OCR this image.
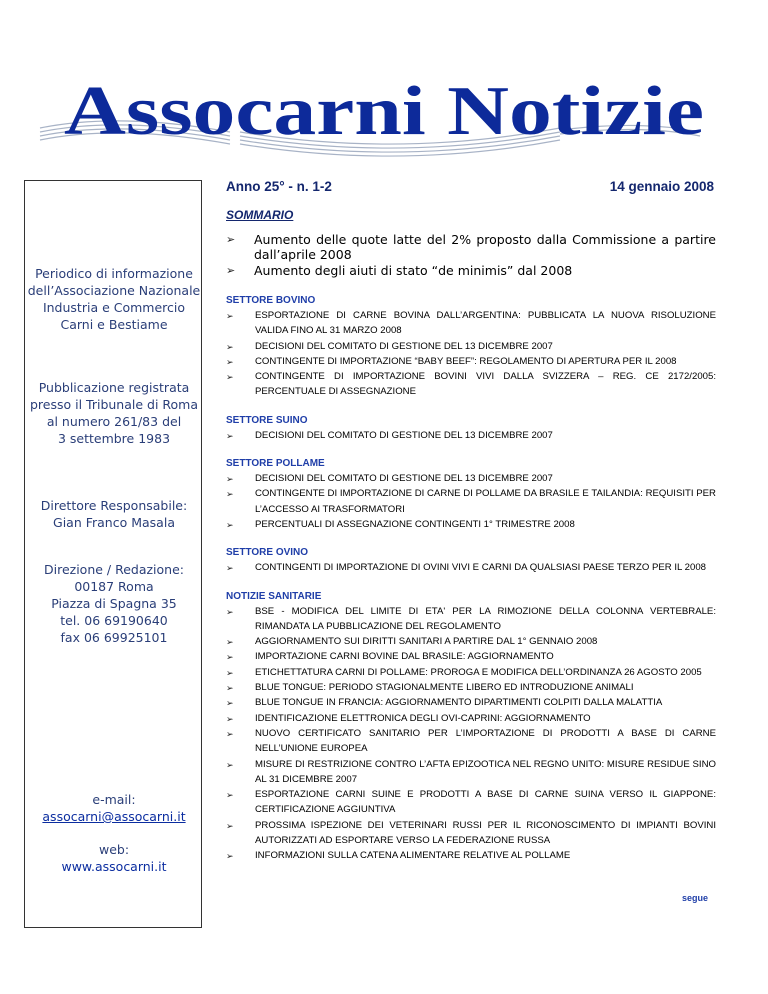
Assocarni Notizie
Periodico di informazione
dell’Associazione Nazionale
Industria e Commercio
Carni e Bestiame
Pubblicazione registrata
presso il Tribunale di Roma
al numero 261/83 del
3 settembre 1983
Direttore Responsabile:
Gian Franco Masala
Direzione / Redazione:
00187 Roma
Piazza di Spagna 35
tel. 06 69190640
fax 06 69925101
e-mail:
assocarni@assocarni.it
web:
www.assocarni.it
Anno 25° - n. 1-2	14 gennaio 2008
SOMMARIO
➢ Aumento delle quote latte del 2% proposto dalla Commissione a partire dall’aprile 2008
➢ Aumento degli aiuti di stato “de minimis” dal 2008
SETTORE BOVINO
➢ ESPORTAZIONE DI CARNE BOVINA DALL’ARGENTINA: PUBBLICATA LA NUOVA RISOLUZIONE VALIDA FINO AL 31 MARZO 2008
➢ DECISIONI DEL COMITATO DI GESTIONE DEL 13 DICEMBRE 2007
➢ CONTINGENTE DI IMPORTAZIONE “BABY BEEF”: REGOLAMENTO DI APERTURA PER IL 2008
➢ CONTINGENTE DI IMPORTAZIONE BOVINI VIVI DALLA SVIZZERA – REG. CE 2172/2005: PERCENTUALE DI ASSEGNAZIONE
SETTORE SUINO
➢ DECISIONI DEL COMITATO DI GESTIONE DEL 13 DICEMBRE 2007
SETTORE POLLAME
➢ DECISIONI DEL COMITATO DI GESTIONE DEL 13 DICEMBRE 2007
➢ CONTINGENTE DI IMPORTAZIONE DI CARNE DI POLLAME DA BRASILE E TAILANDIA: REQUISITI PER L’ACCESSO AI TRASFORMATORI
➢ PERCENTUALI DI ASSEGNAZIONE CONTINGENTI 1° TRIMESTRE 2008
SETTORE OVINO
➢ CONTINGENTI DI IMPORTAZIONE DI OVINI VIVI E CARNI DA QUALSIASI PAESE TERZO PER IL 2008
NOTIZIE SANITARIE
➢ BSE - MODIFICA DEL LIMITE DI ETA' PER LA RIMOZIONE DELLA COLONNA VERTEBRALE: RIMANDATA LA PUBBLICAZIONE DEL REGOLAMENTO
➢ AGGIORNAMENTO SUI DIRITTI SANITARI A PARTIRE DAL 1° GENNAIO 2008
➢ IMPORTAZIONE CARNI BOVINE DAL BRASILE: AGGIORNAMENTO
➢ ETICHETTATURA CARNI DI POLLAME: PROROGA E MODIFICA DELL’ORDINANZA 26 AGOSTO 2005
➢ BLUE TONGUE: PERIODO STAGIONALMENTE LIBERO ED INTRODUZIONE ANIMALI
➢ BLUE TONGUE IN FRANCIA: AGGIORNAMENTO DIPARTIMENTI COLPITI DALLA MALATTIA
➢ IDENTIFICAZIONE ELETTRONICA DEGLI OVI-CAPRINI: AGGIORNAMENTO
➢ NUOVO CERTIFICATO SANITARIO PER L’IMPORTAZIONE DI PRODOTTI A BASE DI CARNE NELL’UNIONE EUROPEA
➢ MISURE DI RESTRIZIONE CONTRO L’AFTA EPIZOOTICA NEL REGNO UNITO: MISURE RESIDUE SINO AL 31 DICEMBRE 2007
➢ ESPORTAZIONE CARNI SUINE E PRODOTTI A BASE DI CARNE SUINA VERSO IL GIAPPONE: CERTIFICAZIONE AGGIUNTIVA
➢ PROSSIMA ISPEZIONE DEI VETERINARI RUSSI PER IL RICONOSCIMENTO DI IMPIANTI BOVINI AUTORIZZATI AD ESPORTARE VERSO LA FEDERAZIONE RUSSA
➢ INFORMAZIONI SULLA CATENA ALIMENTARE RELATIVE AL POLLAME
segue
